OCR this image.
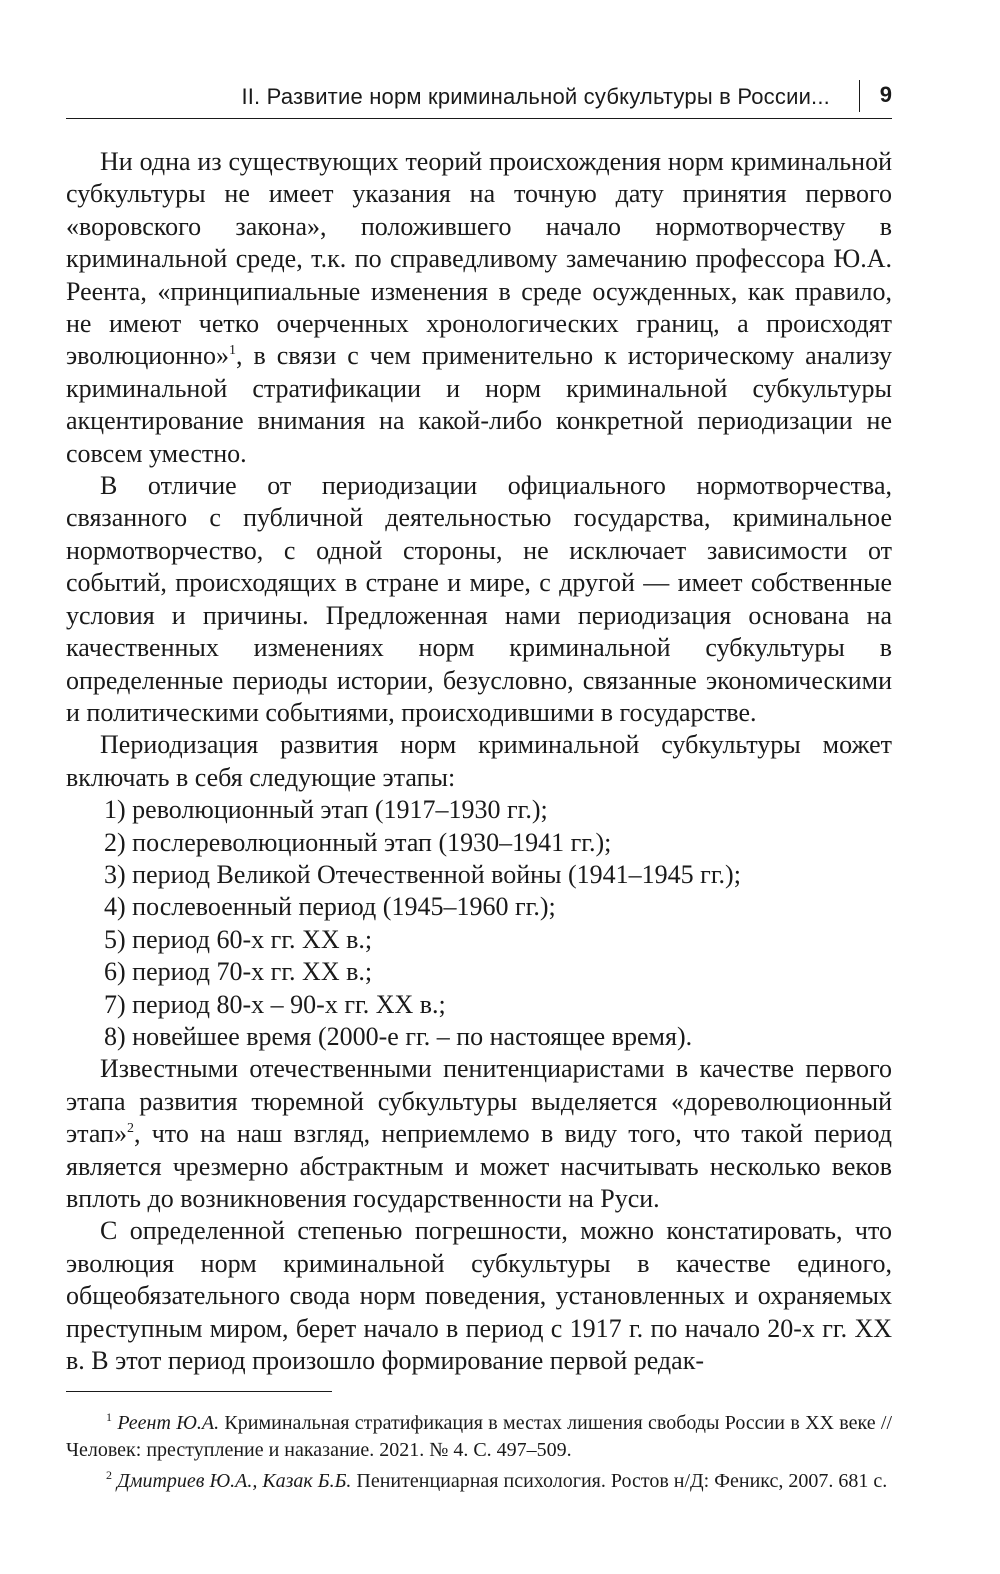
II. Развитие норм криминальной субкультуры в России... 9

Ни одна из существующих теорий происхождения норм криминальной субкультуры не имеет указания на точную дату принятия первого «воровского закона», положившего начало нормотворчеству в криминальной среде, т.к. по справедливому замечанию профессора Ю.А. Реента, «принципиальные изменения в среде осужденных, как правило, не имеют четко очерченных хронологических границ, а происходят эволюционно»$^1$, в связи с чем применительно к историческому анализу криминальной стратификации и норм криминальной субкультуры акцентирование внимания на какой-либо конкретной периодизации не совсем уместно.

В отличие от периодизации официального нормотворчества, связанного с публичной деятельностью государства, криминальное нормотворчество, с одной стороны, не исключает зависимости от событий, происходящих в стране и мире, с другой — имеет собственные условия и причины. Предложенная нами периодизация основана на качественных изменениях норм криминальной субкультуры в определенные периоды истории, безусловно, связанные экономическими и политическими событиями, происходившими в государстве.

Периодизация развития норм криминальной субкультуры может включать в себя следующие этапы:

1) революционный этап (1917–1930 гг.);
2) послереволюционный этап (1930–1941 гг.);
3) период Великой Отечественной войны (1941–1945 гг.);
4) послевоенный период (1945–1960 гг.);
5) период 60-х гг. XX в.;
6) период 70-х гг. XX в.;
7) период 80-х – 90-х гг. XX в.;
8) новейшее время (2000-е гг. – по настоящее время).

Известными отечественными пенитенциаристами в качестве первого этапа развития тюремной субкультуры выделяется «дореволюционный этап»$^2$, что на наш взгляд, неприемлемо в виду того, что такой период является чрезмерно абстрактным и может насчитывать несколько веков вплоть до возникновения государственности на Руси.

С определенной степенью погрешности, можно констатировать, что эволюция норм криминальной субкультуры в качестве единого, общеобязательного свода норм поведения, установленных и охраняемых преступным миром, берет начало в период с 1917 г. по начало 20-х гг. XX в. В этот период произошло формирование первой редак-

$^1$ Реент Ю.А. Криминальная стратификация в местах лишения свободы России в XX веке // Человек: преступление и наказание. 2021. № 4. С. 497–509.

$^2$ Дмитриев Ю.А., Казак Б.Б. Пенитенциарная психология. Ростов н/Д: Феникс, 2007. 681 с.
